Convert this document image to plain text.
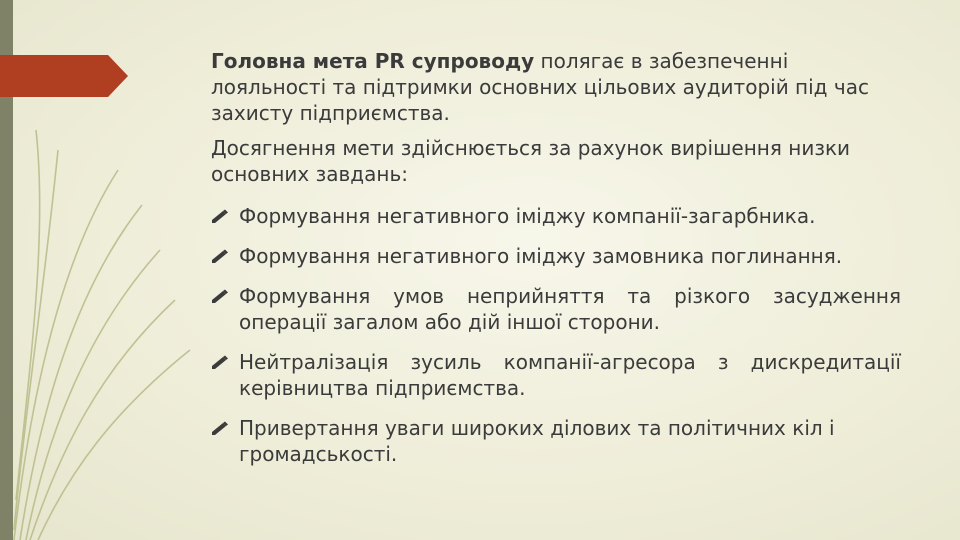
Головна мета PR супроводу полягає в забезпеченні лояльності та підтримки основних цільових аудиторій під час захисту підприємства.

Досягнення мети здійснюється за рахунок вирішення низки основних завдань:

Формування негативного іміджу компанії-загарбника.
Формування негативного іміджу замовника поглинання.
Формування умов неприйняття та різкого засудження операції загалом або дій іншої сторони.
Нейтралізація зусиль компанії-агресора з дискредитації керівництва підприємства.
Привертання уваги широких ділових та політичних кіл і громадськості.
